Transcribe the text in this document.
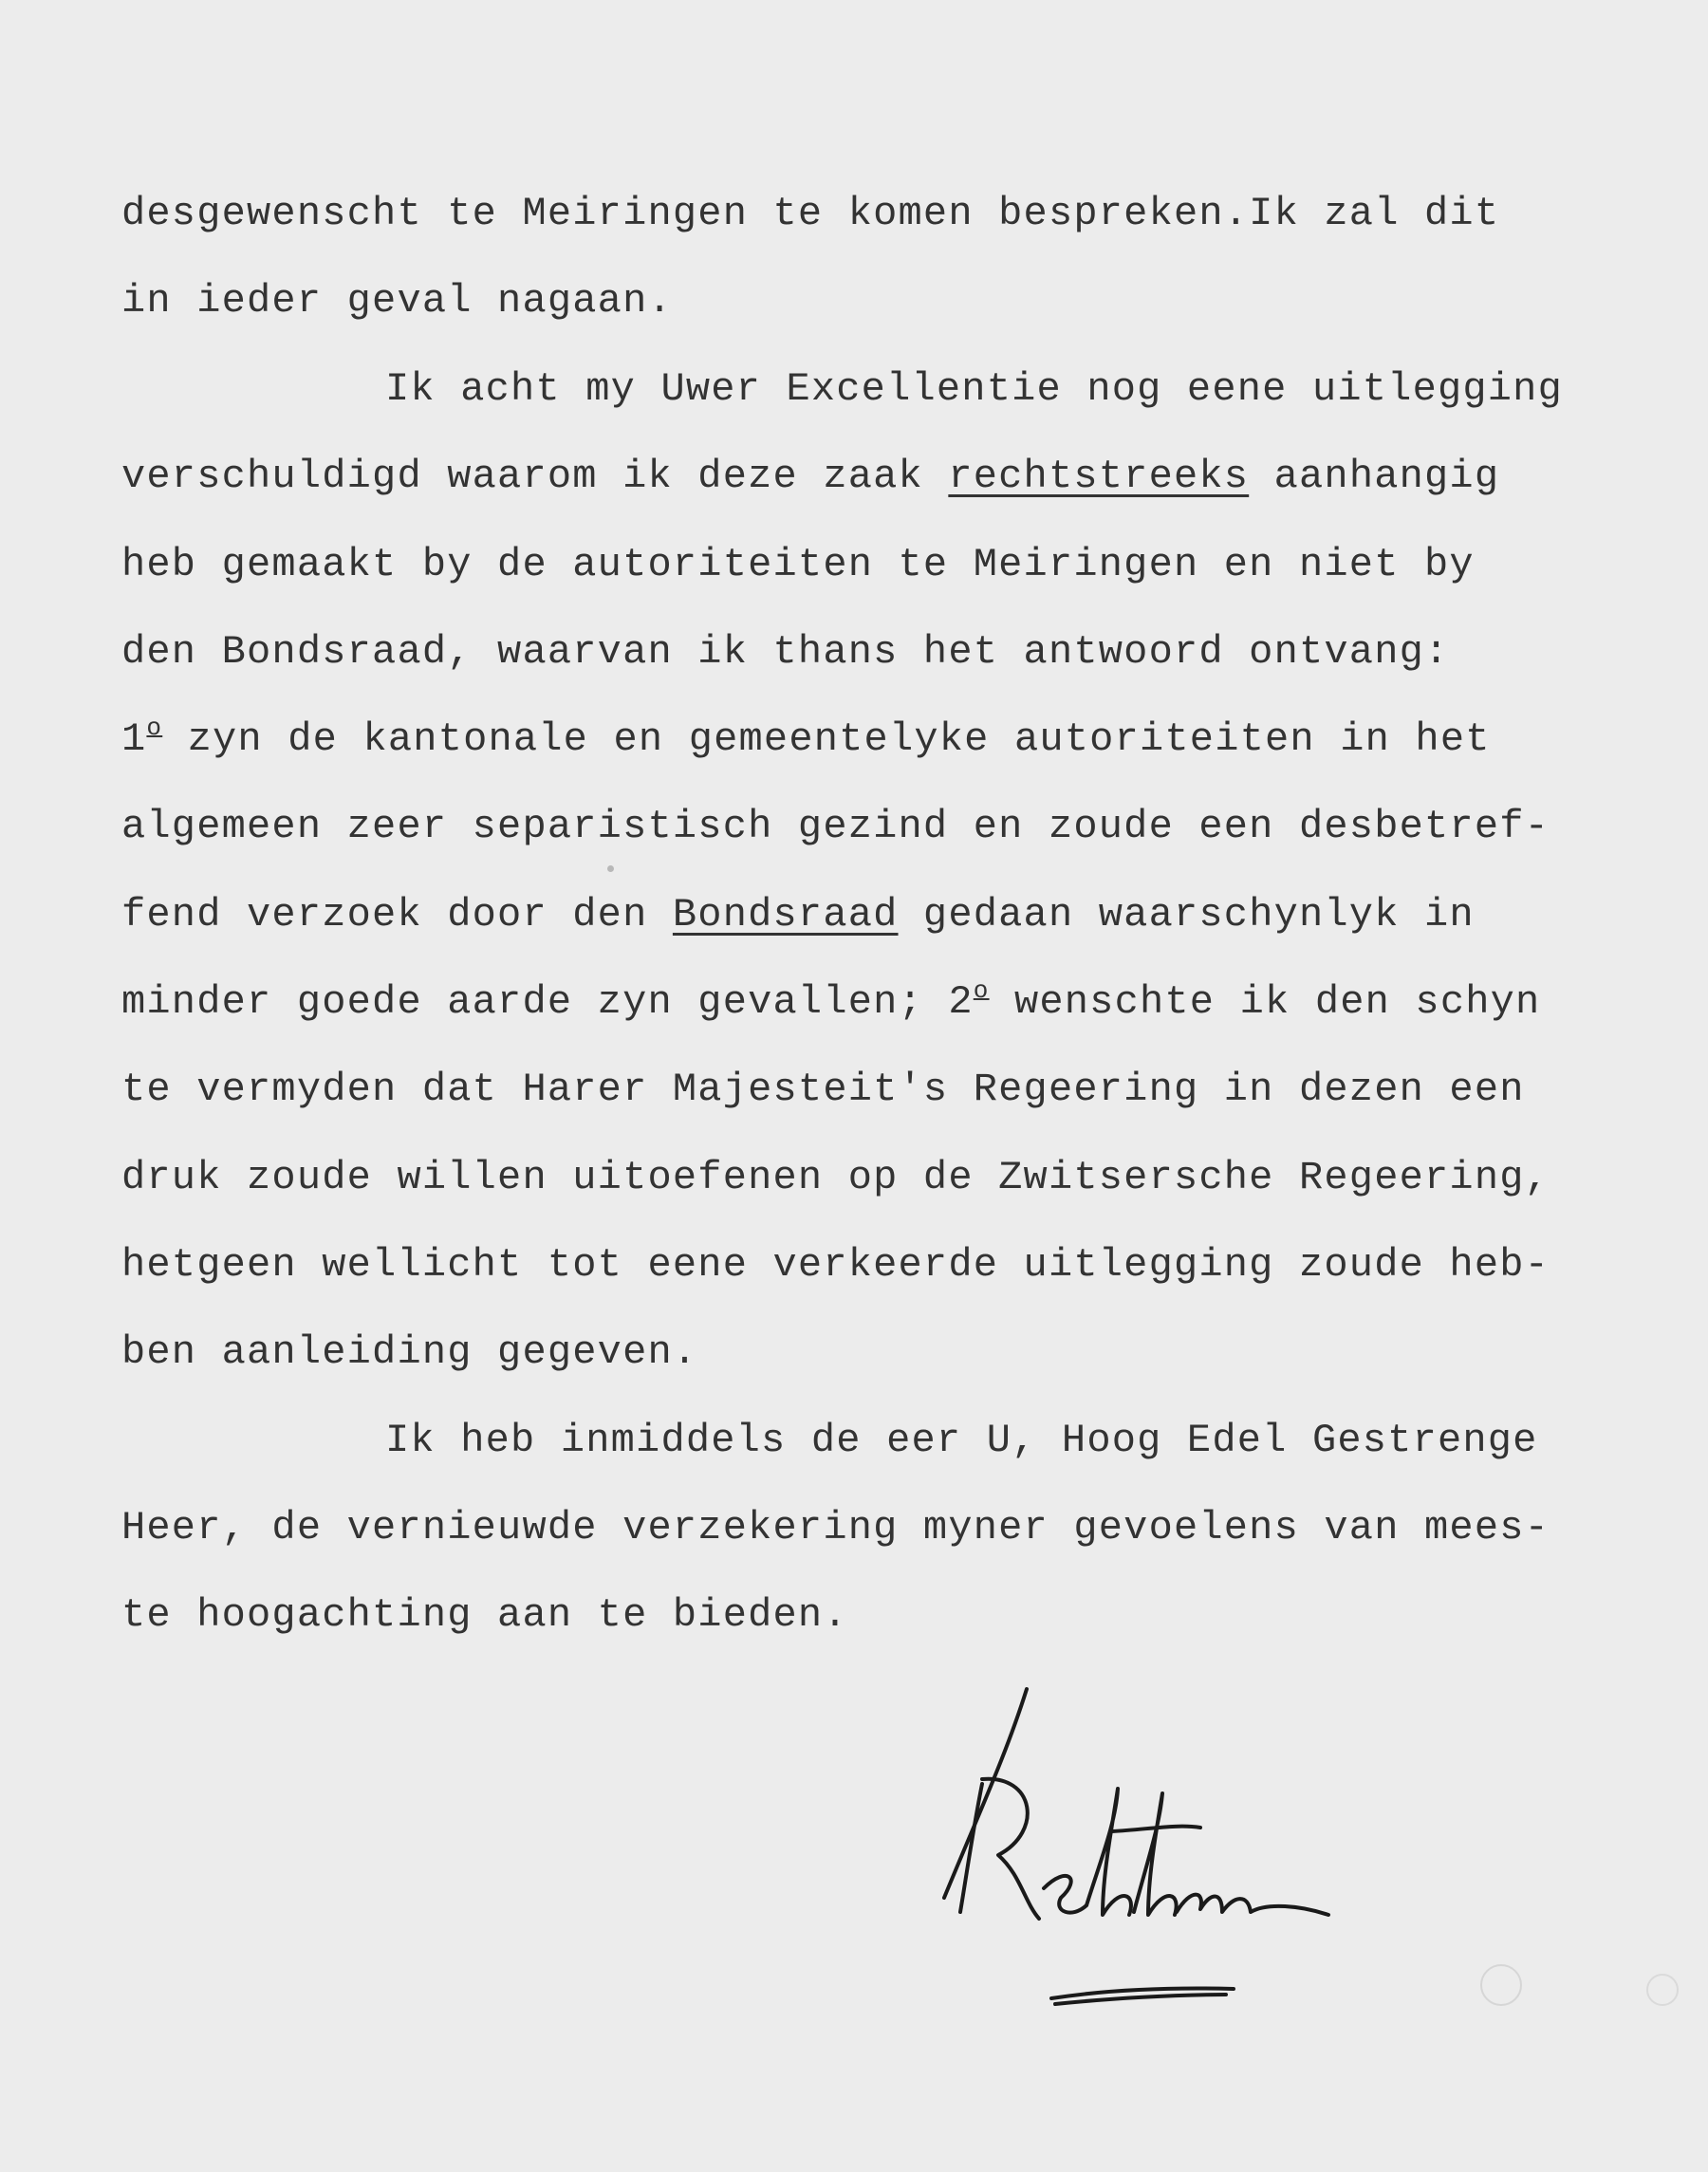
desgewenscht te Meiringen te komen bespreken.Ik zal dit
in ieder geval nagaan.
Ik acht my Uwer Excellentie nog eene uitlegging
verschuldigd waarom ik deze zaak rechtstreeks aanhangig
heb gemaakt by de autoriteiten te Meiringen en niet by
den Bondsraad, waarvan ik thans het antwoord ontvang:
1$^o$ zyn de kantonale en gemeentelyke autoriteiten in het
algemeen zeer separistisch gezind en zoude een desbetref-
fend verzoek door den Bondsraad gedaan waarschynlyk in
minder goede aarde zyn gevallen; 2$^o$ wenschte ik den schyn
te vermyden dat Harer Majesteit's Regeering in dezen een
druk zoude willen uitoefenen op de Zwitsersche Regeering,
hetgeen wellicht tot eene verkeerde uitlegging zoude heb-
ben aanleiding gegeven.
Ik heb inmiddels de eer U, Hoog Edel Gestrenge
Heer, de vernieuwde verzekering myner gevoelens van mees-
te hoogachting aan te bieden.
